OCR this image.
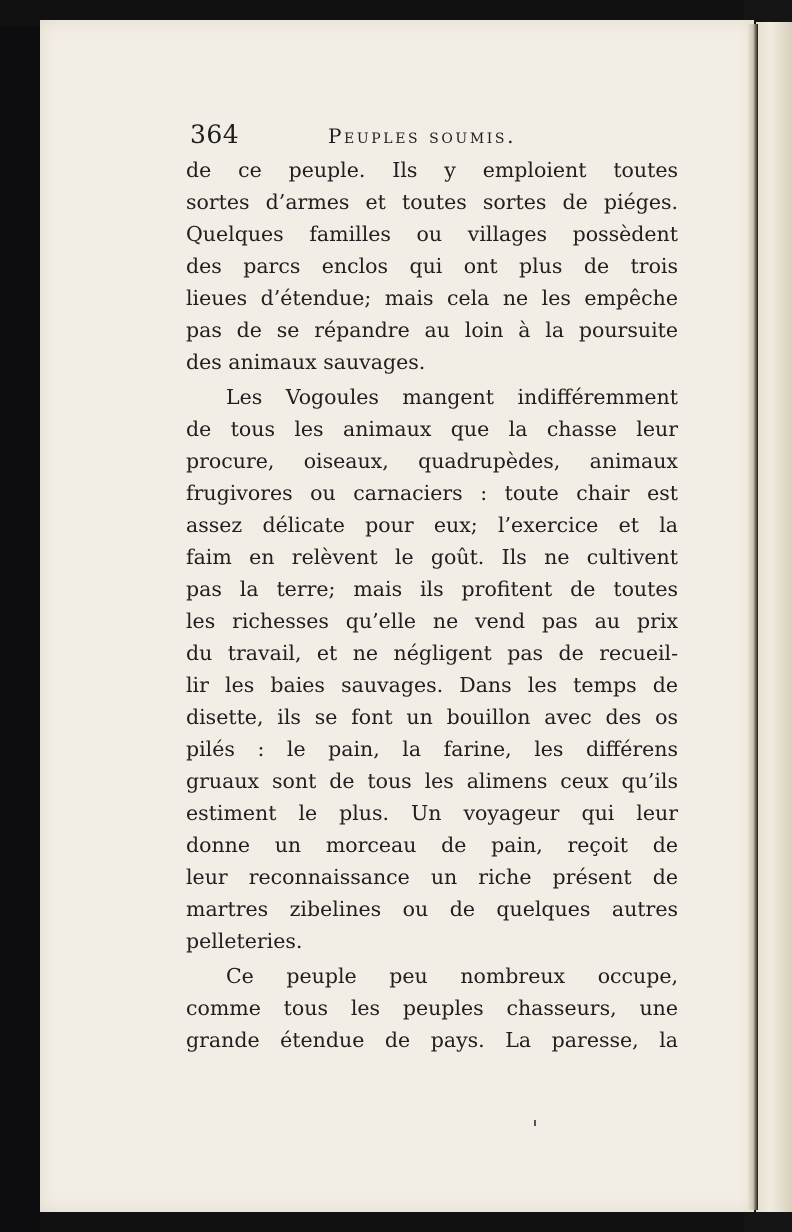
364	Peuples soumis.
de ce peuple. Ils y emploient toutes
sortes d’armes et toutes sortes de piéges.
Quelques familles ou villages possèdent
des parcs enclos qui ont plus de trois
lieues d’étendue; mais cela ne les empêche
pas de se répandre au loin à la poursuite
des animaux sauvages.
Les Vogoules mangent indifféremment
de tous les animaux que la chasse leur
procure, oiseaux, quadrupèdes, animaux
frugivores ou carnaciers : toute chair est
assez délicate pour eux; l’exercice et la
faim en relèvent le goût. Ils ne cultivent
pas la terre; mais ils profitent de toutes
les richesses qu’elle ne vend pas au prix
du travail, et ne négligent pas de recueil-
lir les baies sauvages. Dans les temps de
disette, ils se font un bouillon avec des os
pilés : le pain, la farine, les différens
gruaux sont de tous les alimens ceux qu’ils
estiment le plus. Un voyageur qui leur
donne un morceau de pain, reçoit de
leur reconnaissance un riche présent de
martres zibelines ou de quelques autres
pelleteries.
Ce peuple peu nombreux occupe,
comme tous les peuples chasseurs, une
grande étendue de pays. La paresse, la
